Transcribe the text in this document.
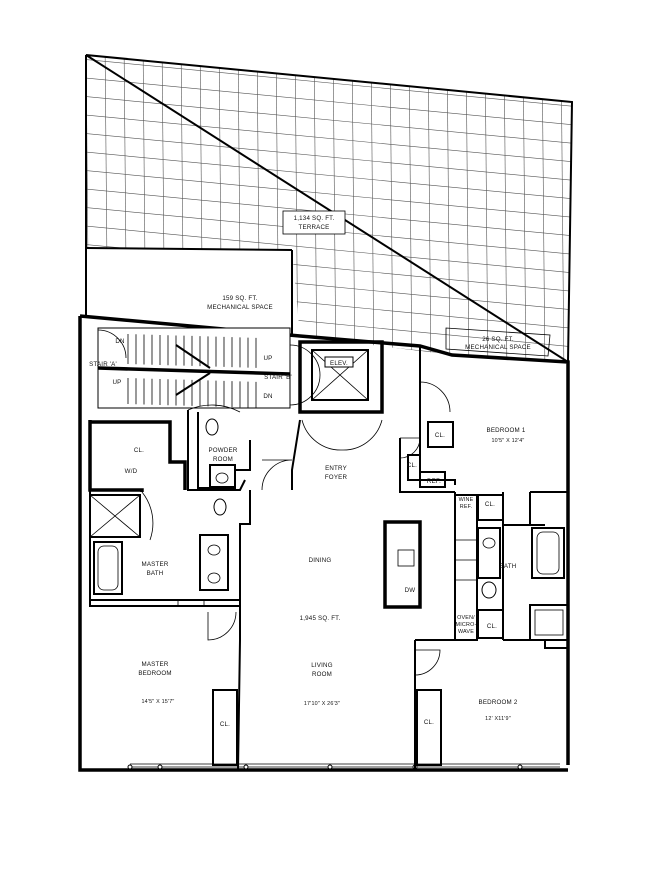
1,134 SQ. FT.
TERRACE
159 SQ. FT.
MECHANICAL SPACE
26 SQ. FT.
MECHANICAL SPACE
DN
STAIR 'A'
UP
UP
STAIR 'B'
DN
ELEV.
CL.
W/D
POWDER
ROOM
ENTRY
FOYER
BEDROOM 1
10'5" X 12'4"
CL.
CL.
REF.
WINE
REF. CL.
BATH
CL.
OVEN/
MICRO-
WAVE
DW
DINING
1,945 SQ. FT.
LIVING
ROOM
17'10" X 26'3"
MASTER
BATH
MASTER
BEDROOM
14'5" X 15'7"
CL.	CL.
BEDROOM 2
12' X11'9"
